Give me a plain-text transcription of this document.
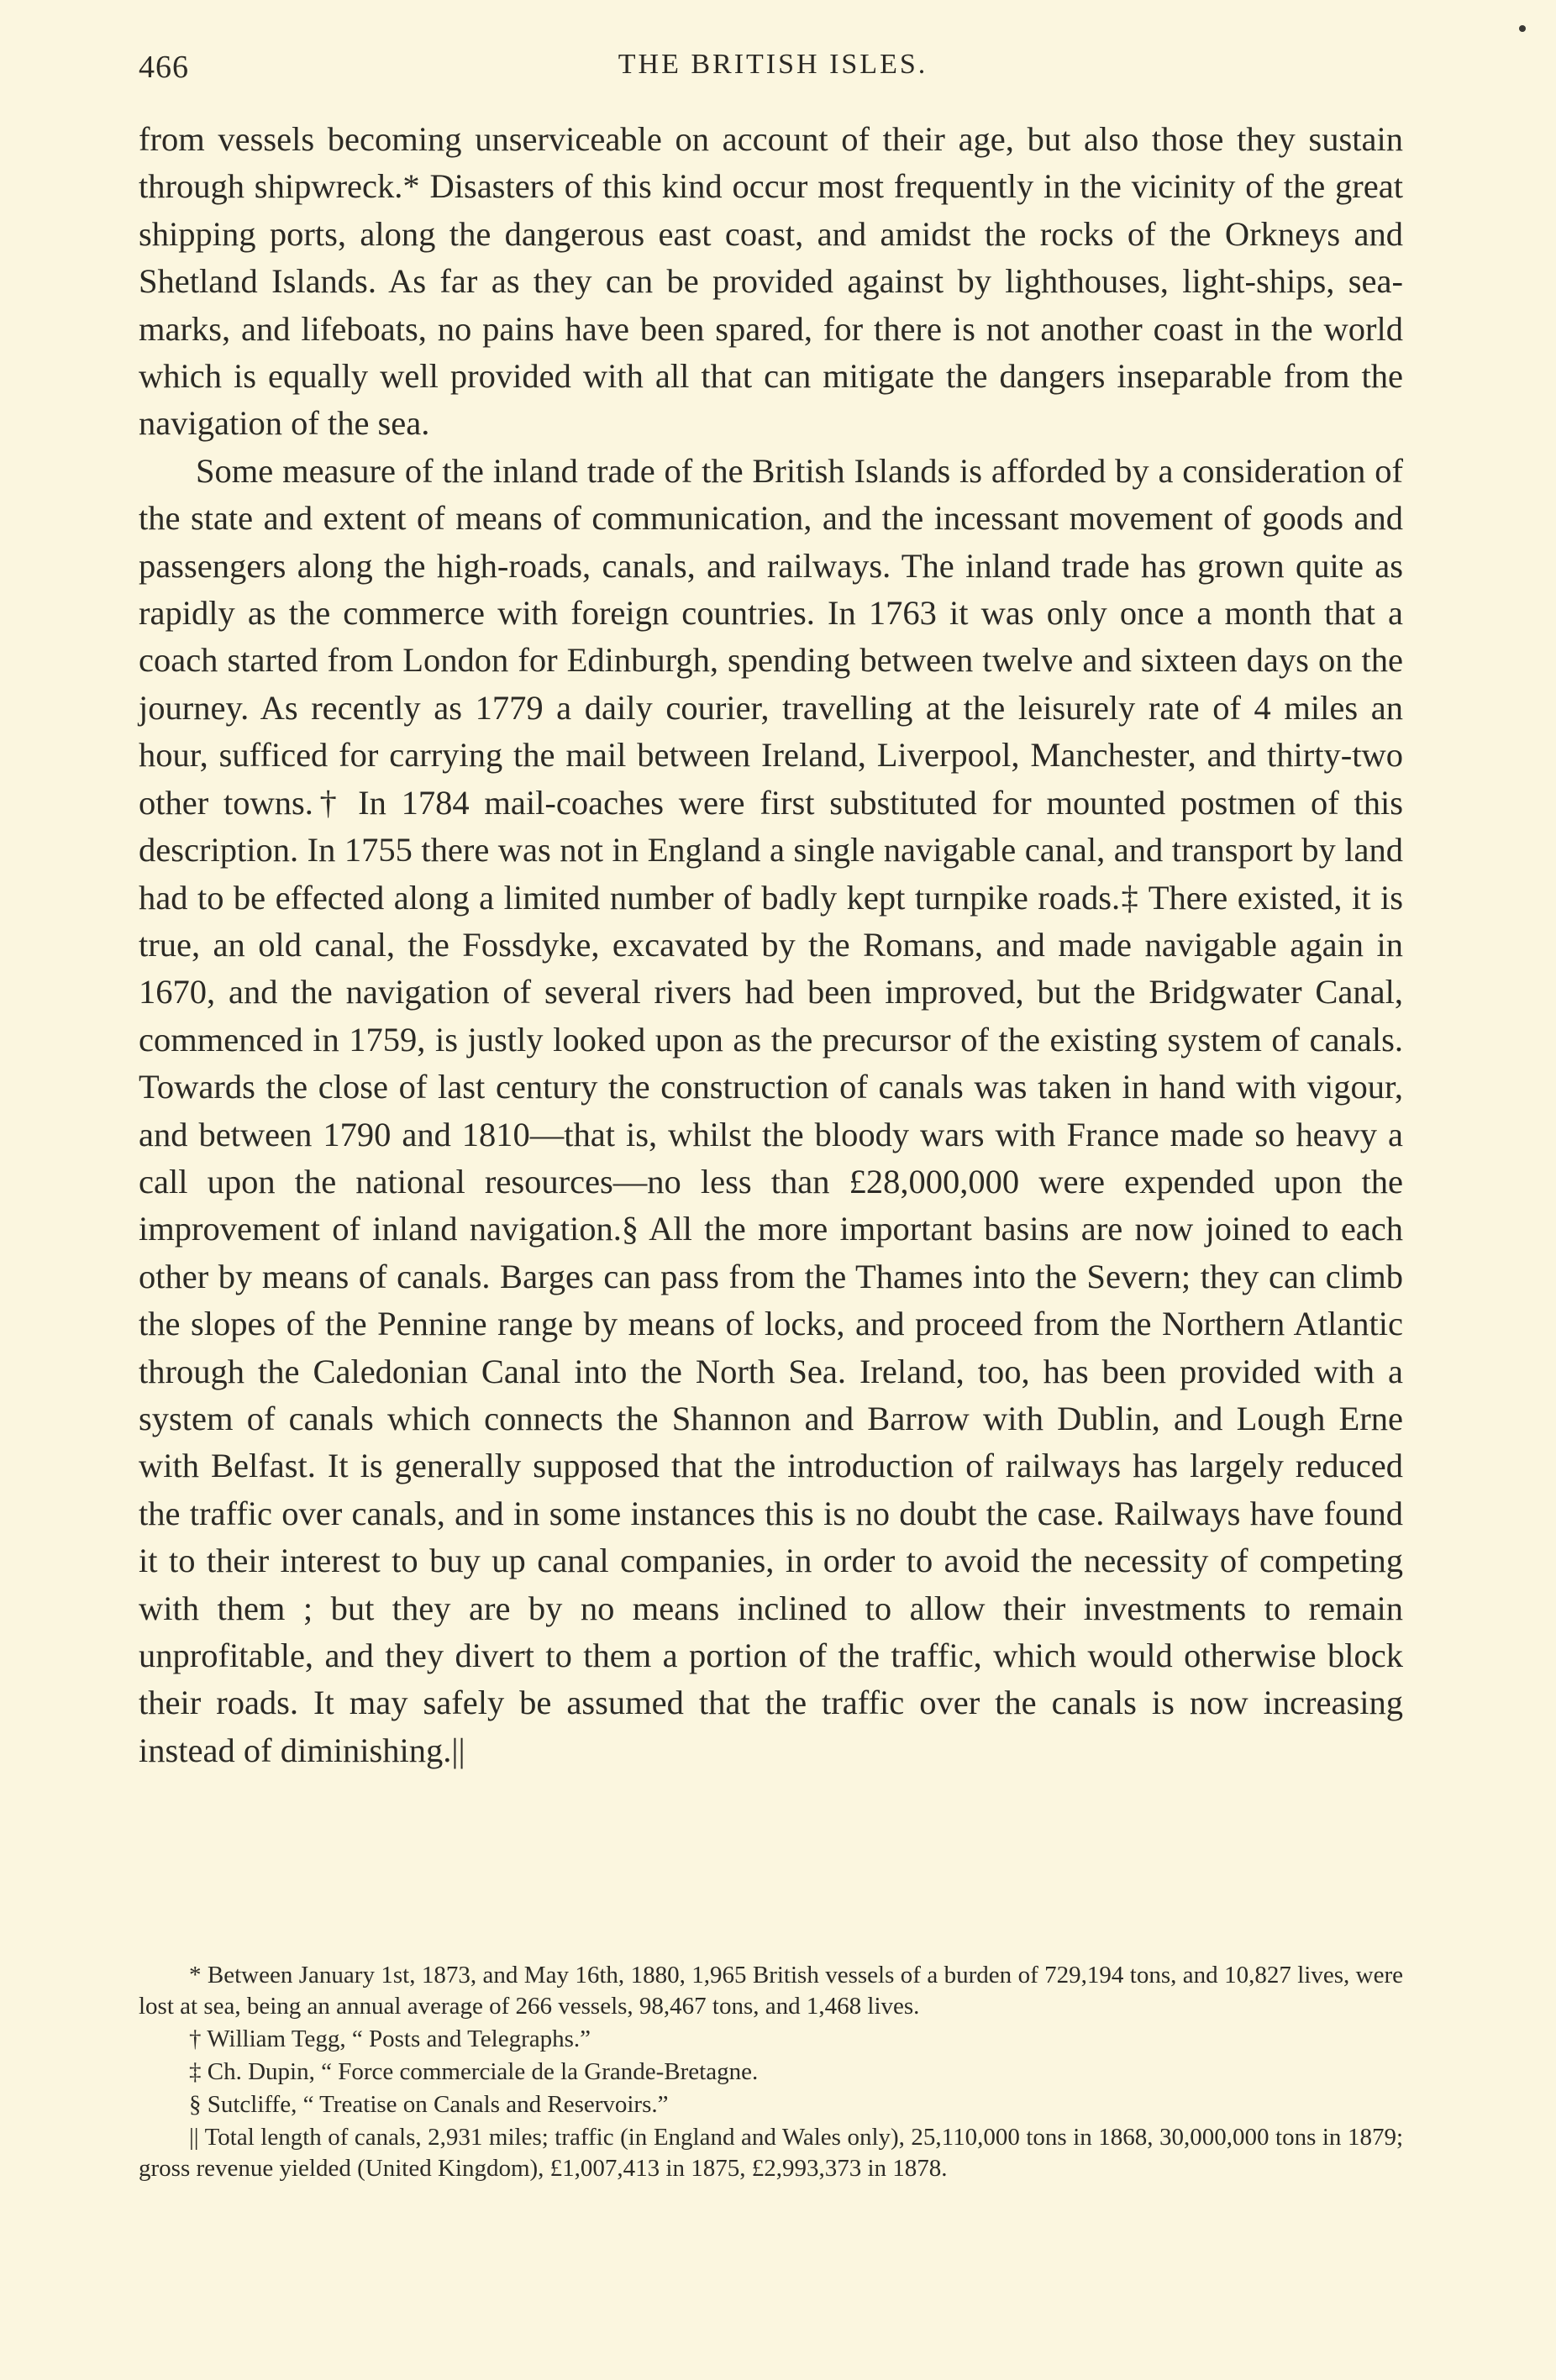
466	THE BRITISH ISLES.

from vessels becoming unserviceable on account of their age, but also those they sustain through shipwreck.* Disasters of this kind occur most frequently in the vicinity of the great shipping ports, along the dangerous east coast, and amidst the rocks of the Orkneys and Shetland Islands. As far as they can be provided against by lighthouses, light-ships, sea-marks, and lifeboats, no pains have been spared, for there is not another coast in the world which is equally well provided with all that can mitigate the dangers inseparable from the navigation of the sea.

Some measure of the inland trade of the British Islands is afforded by a consideration of the state and extent of means of communication, and the incessant movement of goods and passengers along the high-roads, canals, and railways. The inland trade has grown quite as rapidly as the commerce with foreign countries. In 1763 it was only once a month that a coach started from London for Edinburgh, spending between twelve and sixteen days on the journey. As recently as 1779 a daily courier, travelling at the leisurely rate of 4 miles an hour, sufficed for carrying the mail between Ireland, Liverpool, Manchester, and thirty-two other towns.† In 1784 mail-coaches were first substituted for mounted postmen of this description. In 1755 there was not in England a single navigable canal, and transport by land had to be effected along a limited number of badly kept turnpike roads.‡ There existed, it is true, an old canal, the Fossdyke, excavated by the Romans, and made navigable again in 1670, and the navigation of several rivers had been improved, but the Bridgwater Canal, commenced in 1759, is justly looked upon as the precursor of the existing system of canals. Towards the close of last century the construction of canals was taken in hand with vigour, and between 1790 and 1810—that is, whilst the bloody wars with France made so heavy a call upon the national resources—no less than £28,000,000 were expended upon the improvement of inland navigation.§ All the more important basins are now joined to each other by means of canals. Barges can pass from the Thames into the Severn; they can climb the slopes of the Pennine range by means of locks, and proceed from the Northern Atlantic through the Caledonian Canal into the North Sea. Ireland, too, has been provided with a system of canals which connects the Shannon and Barrow with Dublin, and Lough Erne with Belfast. It is generally supposed that the introduction of railways has largely reduced the traffic over canals, and in some instances this is no doubt the case. Railways have found it to their interest to buy up canal companies, in order to avoid the necessity of competing with them ; but they are by no means inclined to allow their investments to remain unprofitable, and they divert to them a portion of the traffic, which would otherwise block their roads. It may safely be assumed that the traffic over the canals is now increasing instead of diminishing.||

* Between January 1st, 1873, and May 16th, 1880, 1,965 British vessels of a burden of 729,194 tons, and 10,827 lives, were lost at sea, being an annual average of 266 vessels, 98,467 tons, and 1,468 lives.

† William Tegg, “ Posts and Telegraphs.”

‡ Ch. Dupin, “ Force commerciale de la Grande-Bretagne.

§ Sutcliffe, “ Treatise on Canals and Reservoirs.”

|| Total length of canals, 2,931 miles; traffic (in England and Wales only), 25,110,000 tons in 1868, 30,000,000 tons in 1879; gross revenue yielded (United Kingdom), £1,007,413 in 1875, £2,993,373 in 1878.
